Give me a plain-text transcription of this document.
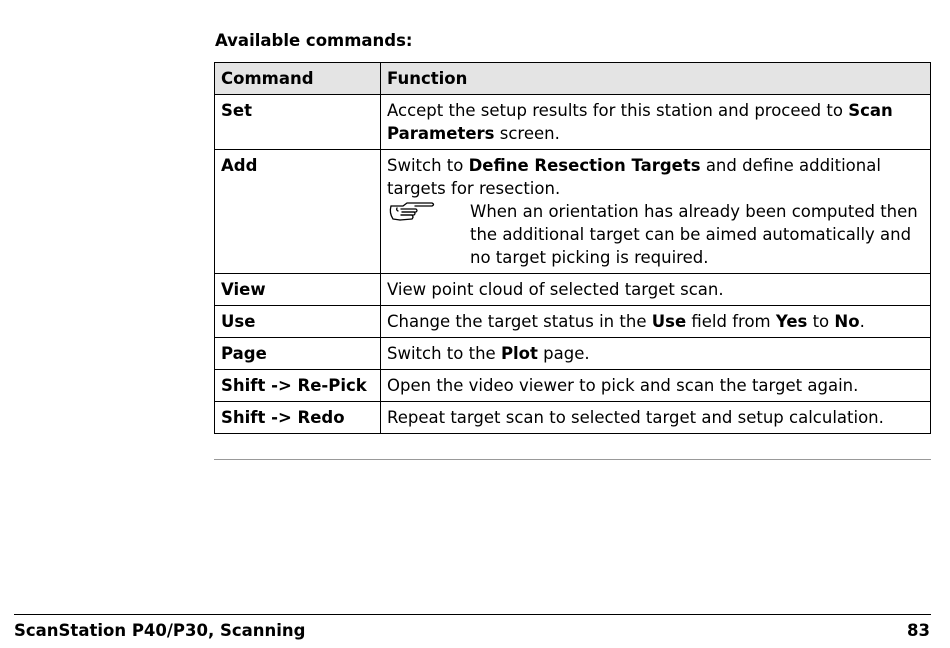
Available commands:
Command	Function
Set	Accept the setup results for this station and proceed to Scan Parameters screen.

Add	Switch to Define Resection Targets and define additional targets for resection.
When an orientation has already been computed then the additional target can be aimed automatically and no target picking is required.

View	View point cloud of selected target scan.

Use	Change the target status in the Use field from Yes to No.

Page	Switch to the Plot page.

Shift -> Re-Pick	Open the video viewer to pick and scan the target again.

Shift -> Redo	Repeat target scan to selected target and setup calculation.
ScanStation P40/P30, Scanning	83
